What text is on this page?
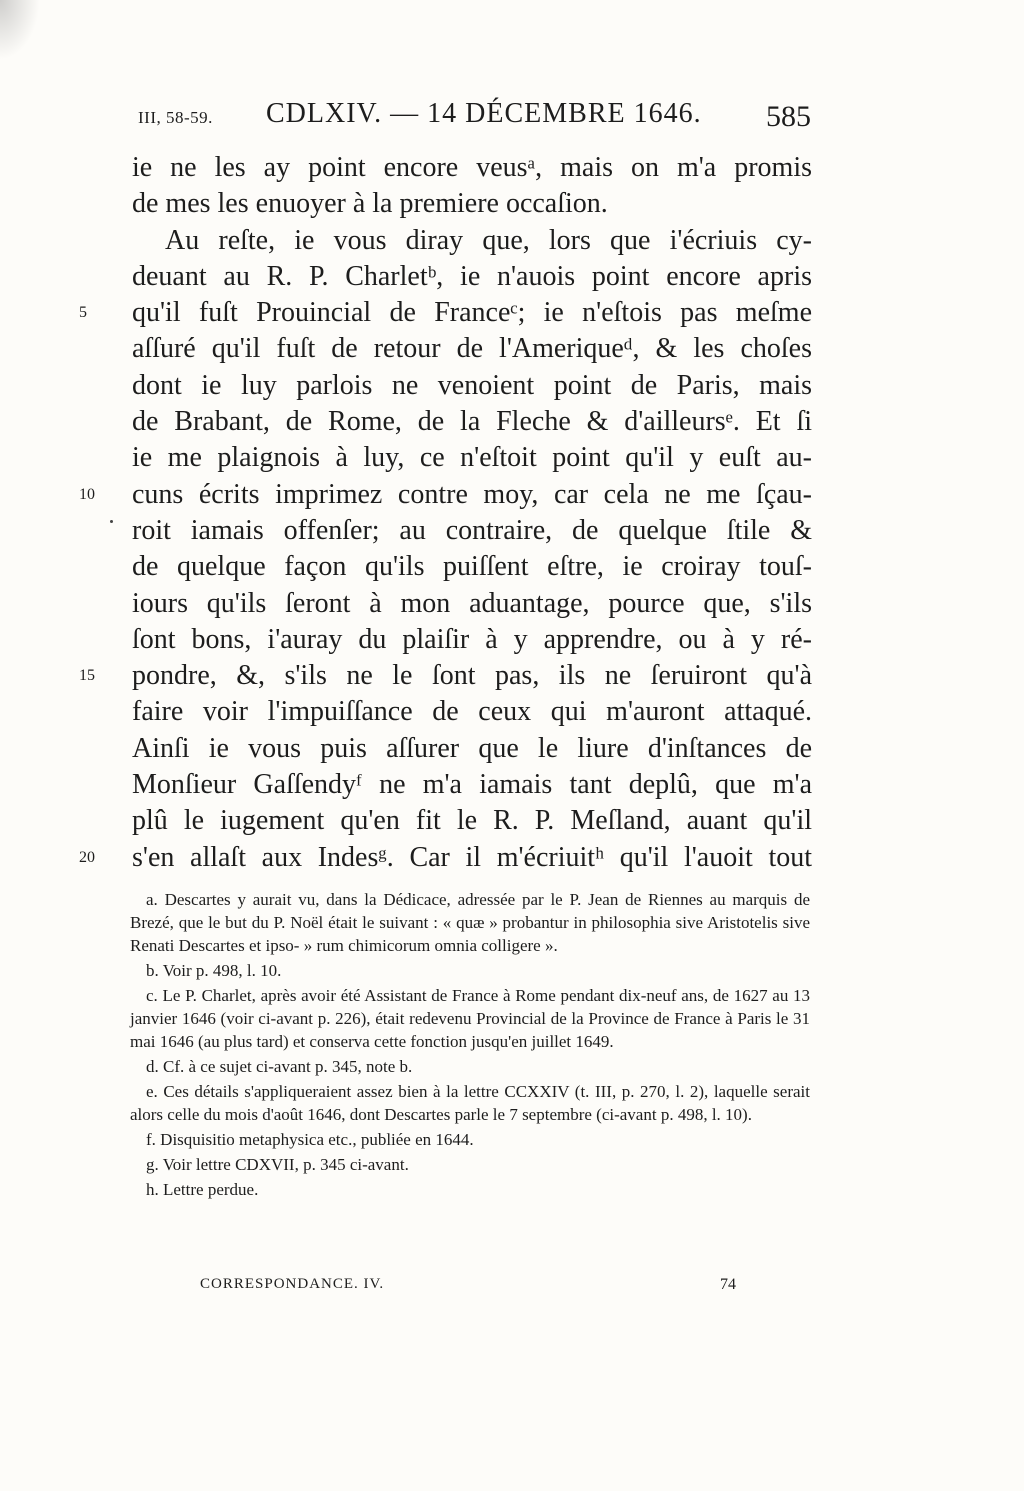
III, 58-59. CDLXIV. — 14 DÉCEMBRE 1646. 585
ie ne les ay point encore veusᵃ, mais on m'a promis
de mes les enuoyer à la premiere occaſion.
Au reſte, ie vous diray que, lors que i'écriuis cy-
deuant au R. P. Charletᵇ, ie n'auois point encore apris
5	qu'il fuſt Prouincial de Franceᶜ; ie n'eſtois pas meſme
aſſuré qu'il fuſt de retour de l'Ameriqueᵈ, & les choſes
dont ie luy parlois ne venoient point de Paris, mais
de Brabant, de Rome, de la Fleche & d'ailleursᵉ. Et ſi
ie me plaignois à luy, ce n'eſtoit point qu'il y euſt au-
10	cuns écrits imprimez contre moy, car cela ne me ſçau-
roit iamais offenſer; au contraire, de quelque ſtile &
de quelque façon qu'ils puiſſent eſtre, ie croiray touſ-
iours qu'ils ſeront à mon aduantage, pource que, s'ils
ſont bons, i'auray du plaiſir à y apprendre, ou à y ré-
15	pondre, &, s'ils ne le ſont pas, ils ne ſeruiront qu'à
faire voir l'impuiſſance de ceux qui m'auront attaqué.
Ainſi ie vous puis aſſurer que le liure d'inſtances de
Monſieur Gaſſendyᶠ ne m'a iamais tant deplû, que m'a
plû le iugement qu'en fit le R. P. Meſland, auant qu'il
20	s'en allaſt aux Indesᵍ. Car il m'écriuitʰ qu'il l'auoit tout

a. Descartes y aurait vu, dans la Dédicace, adressée par le P. Jean de Riennes au marquis de Brezé, que le but du P. Noël était le suivant : « quæ » probantur in philosophia sive Aristotelis sive Renati Descartes et ipso- » rum chimicorum omnia colligere ».

b. Voir p. 498, l. 10.

c. Le P. Charlet, après avoir été Assistant de France à Rome pendant dix-neuf ans, de 1627 au 13 janvier 1646 (voir ci-avant p. 226), était redevenu Provincial de la Province de France à Paris le 31 mai 1646 (au plus tard) et conserva cette fonction jusqu'en juillet 1649.

d. Cf. à ce sujet ci-avant p. 345, note b.

e. Ces détails s'appliqueraient assez bien à la lettre CCXXIV (t. III, p. 270, l. 2), laquelle serait alors celle du mois d'août 1646, dont Descartes parle le 7 septembre (ci-avant p. 498, l. 10).

f. Disquisitio metaphysica etc., publiée en 1644.

g. Voir lettre CDXVII, p. 345 ci-avant.

h. Lettre perdue.

CORRESPONDANCE. IV.	74
